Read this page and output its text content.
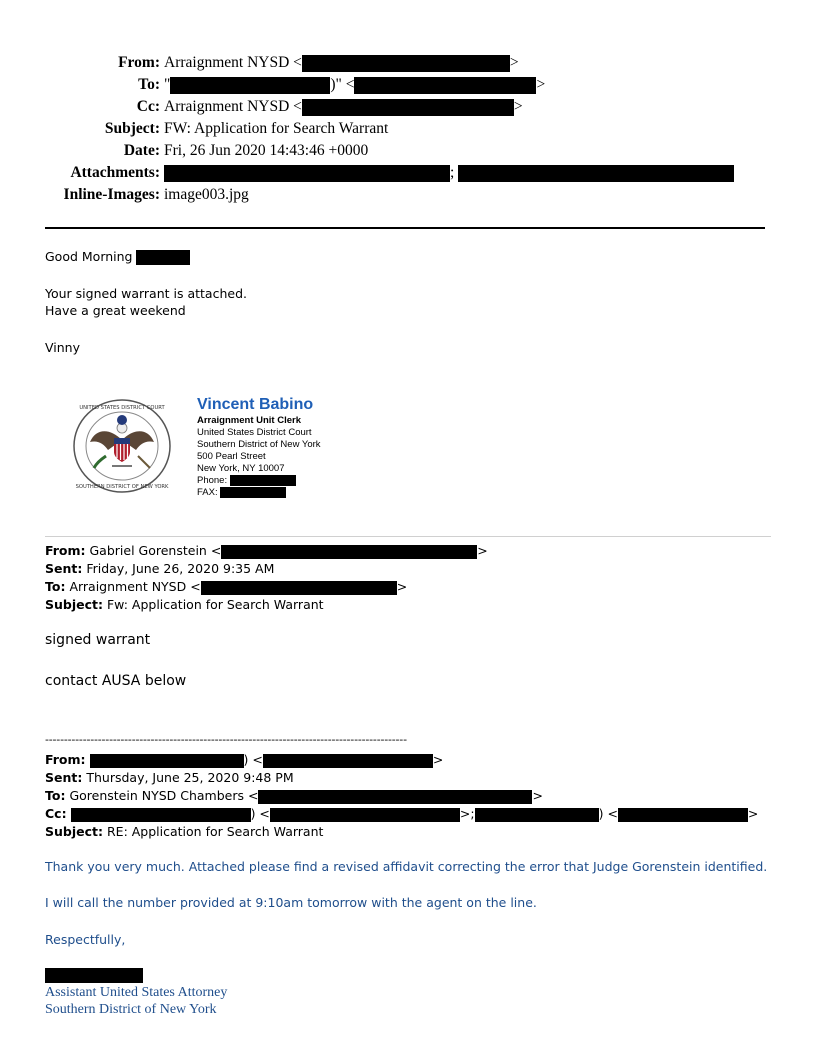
From: Arraignment NYSD <	>
To: "	)" <	>
Cc: Arraignment NYSD <	>
Subject: FW: Application for Search Warrant
Date: Fri, 26 Jun 2020 14:43:46 +0000
Attachments:	;
Inline-Images: image003.jpg
Good Morning
Your signed warrant is attached.
Have a great weekend
Vinny
UNITED STATES DISTRICT COURT
SOUTHERN DISTRICT OF NEW YORK
Vincent Babino
Arraignment Unit Clerk
United States District Court
Southern District of New York
500 Pearl Street
New York, NY 10007
Phone:
FAX:
From: Gabriel Gorenstein <	>
Sent: Friday, June 26, 2020 9:35 AM
To: Arraignment NYSD <	>
Subject: Fw: Application for Search Warrant
signed warrant
contact AUSA below
------------------------------------------------------------------------------------------------
From:	) <	>
Sent: Thursday, June 25, 2020 9:48 PM
To: Gorenstein NYSD Chambers <	>
Cc:	) <	>;	) <	>
Subject: RE: Application for Search Warrant
Thank you very much. Attached please find a revised affidavit correcting the error that Judge Gorenstein identified.
I will call the number provided at 9:10am tomorrow with the agent on the line.
Respectfully,
Assistant United States Attorney
Southern District of New York
